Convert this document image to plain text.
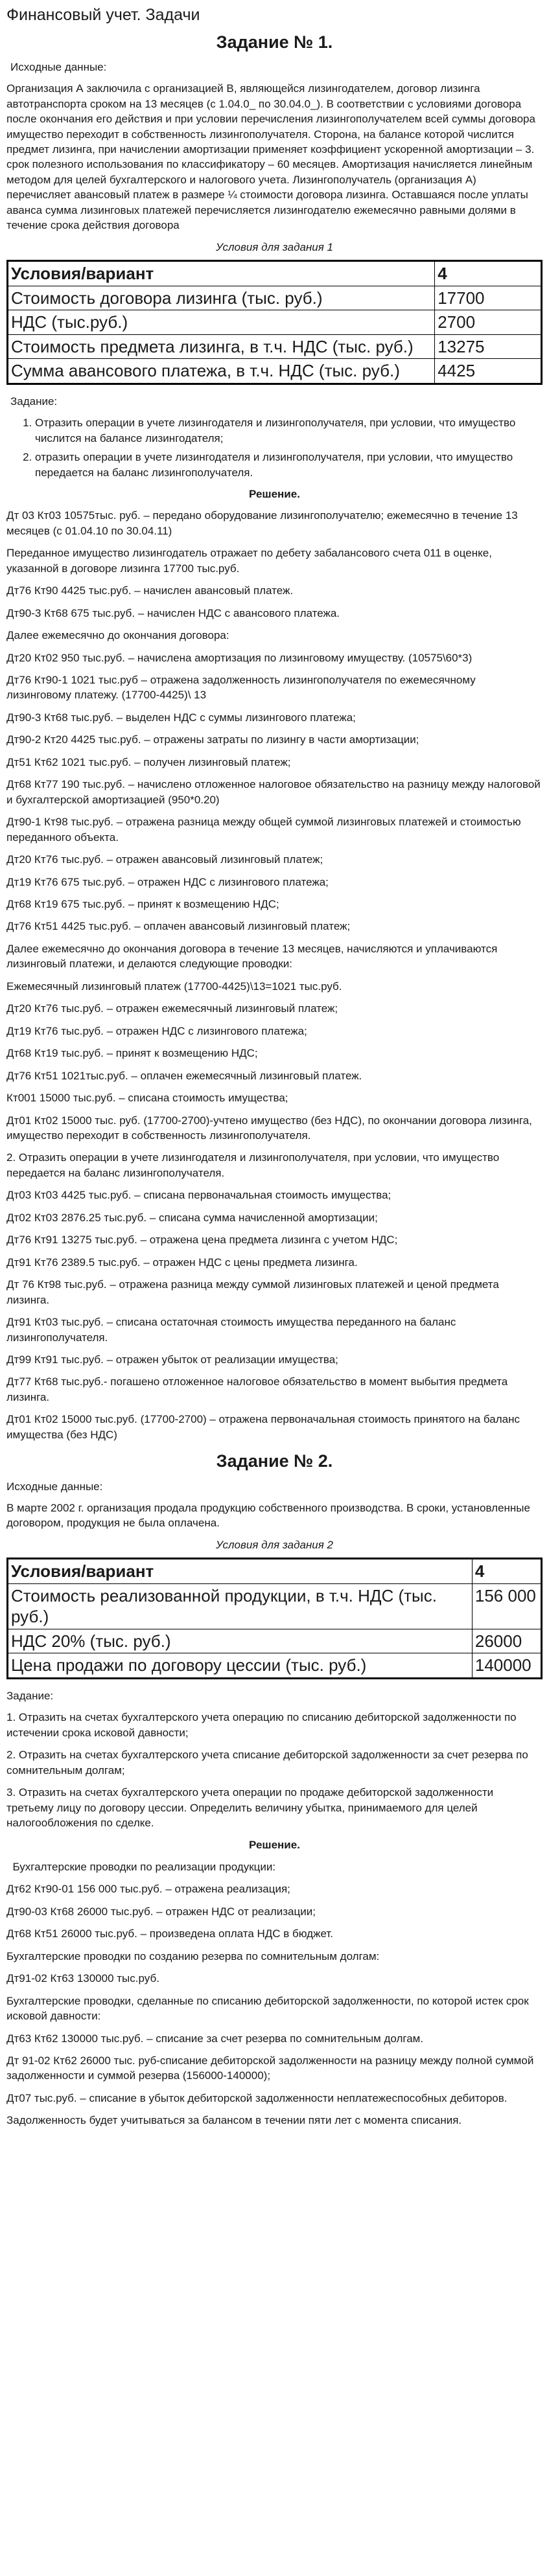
Финансовый учет. Задачи
Задание № 1.
Исходные данные:
Организация А заключила с организацией В, являющейся лизингодателем, договор лизинга автотранспорта сроком на 13 месяцев (с 1.04.0_ по 30.04.0_). В соответствии с условиями договора после окончания его действия и при условии перечисления лизингополучателем всей суммы договора имущество переходит в собственность лизингополучателя. Сторона, на балансе которой числится предмет лизинга, при начислении амортизации применяет коэффициент ускоренной амортизации – 3. срок полезного использования по классификатору – 60 месяцев. Амортизация начисляется линейным методом для целей бухгалтерского и налогового учета. Лизингополучатель (организация А) перечисляет авансовый платеж в размере ¼ стоимости договора лизинга. Оставшаяся после уплаты аванса сумма лизинговых платежей перечисляется лизингодателю ежемесячно равными долями в течение срока действия договора
Условия для задания 1
Условия/вариант	4
Стоимость договора лизинга (тыс. руб.)	17700
НДС (тыс.руб.)	2700
Стоимость предмета лизинга, в т.ч. НДС (тыс. руб.)	13275
Сумма авансового платежа, в т.ч. НДС (тыс. руб.)	4425
Задание:
1. Отразить операции в учете лизингодателя и лизингополучателя, при условии, что имущество числится на балансе лизингодателя;
2. отразить операции в учете лизингодателя и лизингополучателя, при условии, что имущество передается на баланс лизингополучателя.
Решение.
Дт 03 Кт03 10575тыс. руб. – передано оборудование лизингополучателю; ежемесячно в течение 13 месяцев (с 01.04.10 по 30.04.11)
Переданное имущество лизингодатель отражает по дебету забалансового счета 011 в оценке, указанной в договоре лизинга 17700 тыс.руб.
Дт76 Кт90 4425 тыс.руб. – начислен авансовый платеж.
Дт90-3 Кт68 675 тыс.руб. – начислен НДС с авансового платежа.
Далее ежемесячно до окончания договора:
Дт20 Кт02 950 тыс.руб. – начислена амортизация по лизинговому имуществу. (10575\60*3)
Дт76 Кт90-1 1021 тыс.руб – отражена задолженность лизингополучателя по ежемесячному лизинговому платежу. (17700-4425)\ 13
Дт90-3 Кт68 тыс.руб. – выделен НДС с суммы лизингового платежа;
Дт90-2 Кт20 4425 тыс.руб. – отражены затраты по лизингу в части амортизации;
Дт51 Кт62 1021 тыс.руб. – получен лизинговый платеж;
Дт68 Кт77 190 тыс.руб. – начислено отложенное налоговое обязательство на разницу между налоговой и бухгалтерской амортизацией (950*0.20)
Дт90-1 Кт98 тыс.руб. – отражена разница между общей суммой лизинговых платежей и стоимостью переданного объекта.
Дт20 Кт76 тыс.руб. – отражен авансовый лизинговый платеж;
Дт19 Кт76 675 тыс.руб. – отражен НДС с лизингового платежа;
Дт68 Кт19 675 тыс.руб. – принят к возмещению НДС;
Дт76 Кт51 4425 тыс.руб. – оплачен авансовый лизинговый платеж;
Далее ежемесячно до окончания договора в течение 13 месяцев, начисляются и уплачиваются лизинговый платежи, и делаются следующие проводки:
Ежемесячный лизинговый платеж (17700-4425)\13=1021 тыс.руб.
Дт20 Кт76 тыс.руб. – отражен ежемесячный лизинговый платеж;
Дт19 Кт76 тыс.руб. – отражен НДС с лизингового платежа;
Дт68 Кт19 тыс.руб. – принят к возмещению НДС;
Дт76 Кт51 1021тыс.руб. – оплачен ежемесячный лизинговый платеж.
Кт001 15000 тыс.руб. – списана стоимость имущества;
Дт01 Кт02 15000 тыс. руб. (17700-2700)-учтено имущество (без НДС), по окончании договора лизинга, имущество переходит в собственность лизингополучателя.
2. Отразить операции в учете лизингодателя и лизингополучателя, при условии, что имущество передается на баланс лизингополучателя.
Дт03 Кт03 4425 тыс.руб. – списана первоначальная стоимость имущества;
Дт02 Кт03 2876.25 тыс.руб. – списана сумма начисленной амортизации;
Дт76 Кт91 13275 тыс.руб. – отражена цена предмета лизинга с учетом НДС;
Дт91 Кт76 2389.5 тыс.руб. – отражен НДС с цены предмета лизинга.
Дт 76 Кт98 тыс.руб. – отражена разница между суммой лизинговых платежей и ценой предмета лизинга.
Дт91 Кт03 тыс.руб. – списана остаточная стоимость имущества переданного на баланс лизингополучателя.
Дт99 Кт91 тыс.руб. – отражен убыток от реализации имущества;
Дт77 Кт68 тыс.руб.- погашено отложенное налоговое обязательство в момент выбытия предмета лизинга.
Дт01 Кт02 15000 тыс.руб. (17700-2700) – отражена первоначальная стоимость принятого на баланс имущества (без НДС)
Задание № 2.
Исходные данные:
В марте 2002 г. организация продала продукцию собственного производства. В сроки, установленные договором, продукция не была оплачена.
Условия для задания 2
Условия/вариант	4
Стоимость реализованной продукции, в т.ч. НДС (тыс. руб.)	156 000
НДС 20% (тыс. руб.)	26000
Цена продажи по договору цессии (тыс. руб.)	140000
Задание:
1. Отразить на счетах бухгалтерского учета операцию по списанию дебиторской задолженности по истечении срока исковой давности;
2. Отразить на счетах бухгалтерского учета списание дебиторской задолженности за счет резерва по сомнительным долгам;
3. Отразить на счетах бухгалтерского учета операции по продаже дебиторской задолженности третьему лицу по договору цессии. Определить величину убытка, принимаемого для целей налогообложения по сделке.
Решение.
Бухгалтерские проводки по реализации продукции:
Дт62 Кт90-01 156 000 тыс.руб. – отражена реализация;
Дт90-03 Кт68 26000 тыс.руб. – отражен НДС от реализации;
Дт68 Кт51 26000 тыс.руб. – произведена оплата НДС в бюджет.
Бухгалтерские проводки по созданию резерва по сомнительным долгам:
Дт91-02 Кт63 130000 тыс.руб.
Бухгалтерские проводки, сделанные по списанию дебиторской задолженности, по которой истек срок исковой давности:
Дт63 Кт62 130000 тыс.руб. – списание за счет резерва по сомнительным долгам.
Дт 91-02 Кт62 26000 тыс. руб-списание дебиторской задолженности на разницу между полной суммой задолженности и суммой резерва (156000-140000);
Дт07 тыс.руб. – списание в убыток дебиторской задолженности неплатежеспособных дебиторов.
Задолженность будет учитываться за балансом в течении пяти лет с момента списания.
